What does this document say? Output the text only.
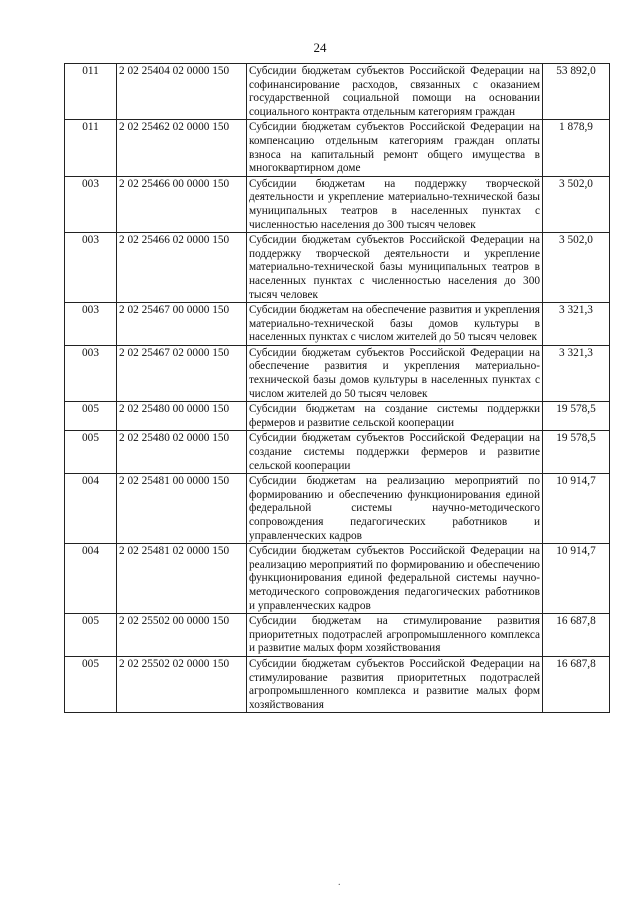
24
011	2 02 25404 02 0000 150	Субсидии бюджетам субъектов Российской Федерации на софинансирование расходов, связанных с оказанием государственной социальной помощи на основании социального контракта отдельным категориям граждан	53 892,0
011	2 02 25462 02 0000 150	Субсидии бюджетам субъектов Российской Федерации на компенсацию отдельным категориям граждан оплаты взноса на капитальный ремонт общего имущества в многоквартирном доме	1 878,9
003	2 02 25466 00 0000 150	Субсидии бюджетам на поддержку творческой деятельности и укрепление материально-технической базы муниципальных театров в населенных пунктах с численностью населения до 300 тысяч человек	3 502,0
003	2 02 25466 02 0000 150	Субсидии бюджетам субъектов Российской Федерации на поддержку творческой деятельности и укрепление материально-технической базы муниципальных театров в населенных пунктах с численностью населения до 300 тысяч человек	3 502,0
003	2 02 25467 00 0000 150	Субсидии бюджетам на обеспечение развития и укрепления материально-технической базы домов культуры в населенных пунктах с числом жителей до 50 тысяч человек	3 321,3
003	2 02 25467 02 0000 150	Субсидии бюджетам субъектов Российской Федерации на обеспечение развития и укрепления материально-технической базы домов культуры в населенных пунктах с числом жителей до 50 тысяч человек	3 321,3
005	2 02 25480 00 0000 150	Субсидии бюджетам на создание системы поддержки фермеров и развитие сельской кооперации	19 578,5
005	2 02 25480 02 0000 150	Субсидии бюджетам субъектов Российской Федерации на создание системы поддержки фермеров и развитие сельской кооперации	19 578,5
004	2 02 25481 00 0000 150	Субсидии бюджетам на реализацию мероприятий по формированию и обеспечению функционирования единой федеральной системы научно-методического сопровождения педагогических работников и управленческих кадров	10 914,7
004	2 02 25481 02 0000 150	Субсидии бюджетам субъектов Российской Федерации на реализацию мероприятий по формированию и обеспечению функционирования единой федеральной системы научно-методического сопровождения педагогических работников и управленческих кадров	10 914,7
005	2 02 25502 00 0000 150	Субсидии бюджетам на стимулирование развития приоритетных подотраслей агропромышленного комплекса и развитие малых форм хозяйствования	16 687,8
005	2 02 25502 02 0000 150	Субсидии бюджетам субъектов Российской Федерации на стимулирование развития приоритетных подотраслей агропромышленного комплекса и развитие малых форм хозяйствования	16 687,8
.
